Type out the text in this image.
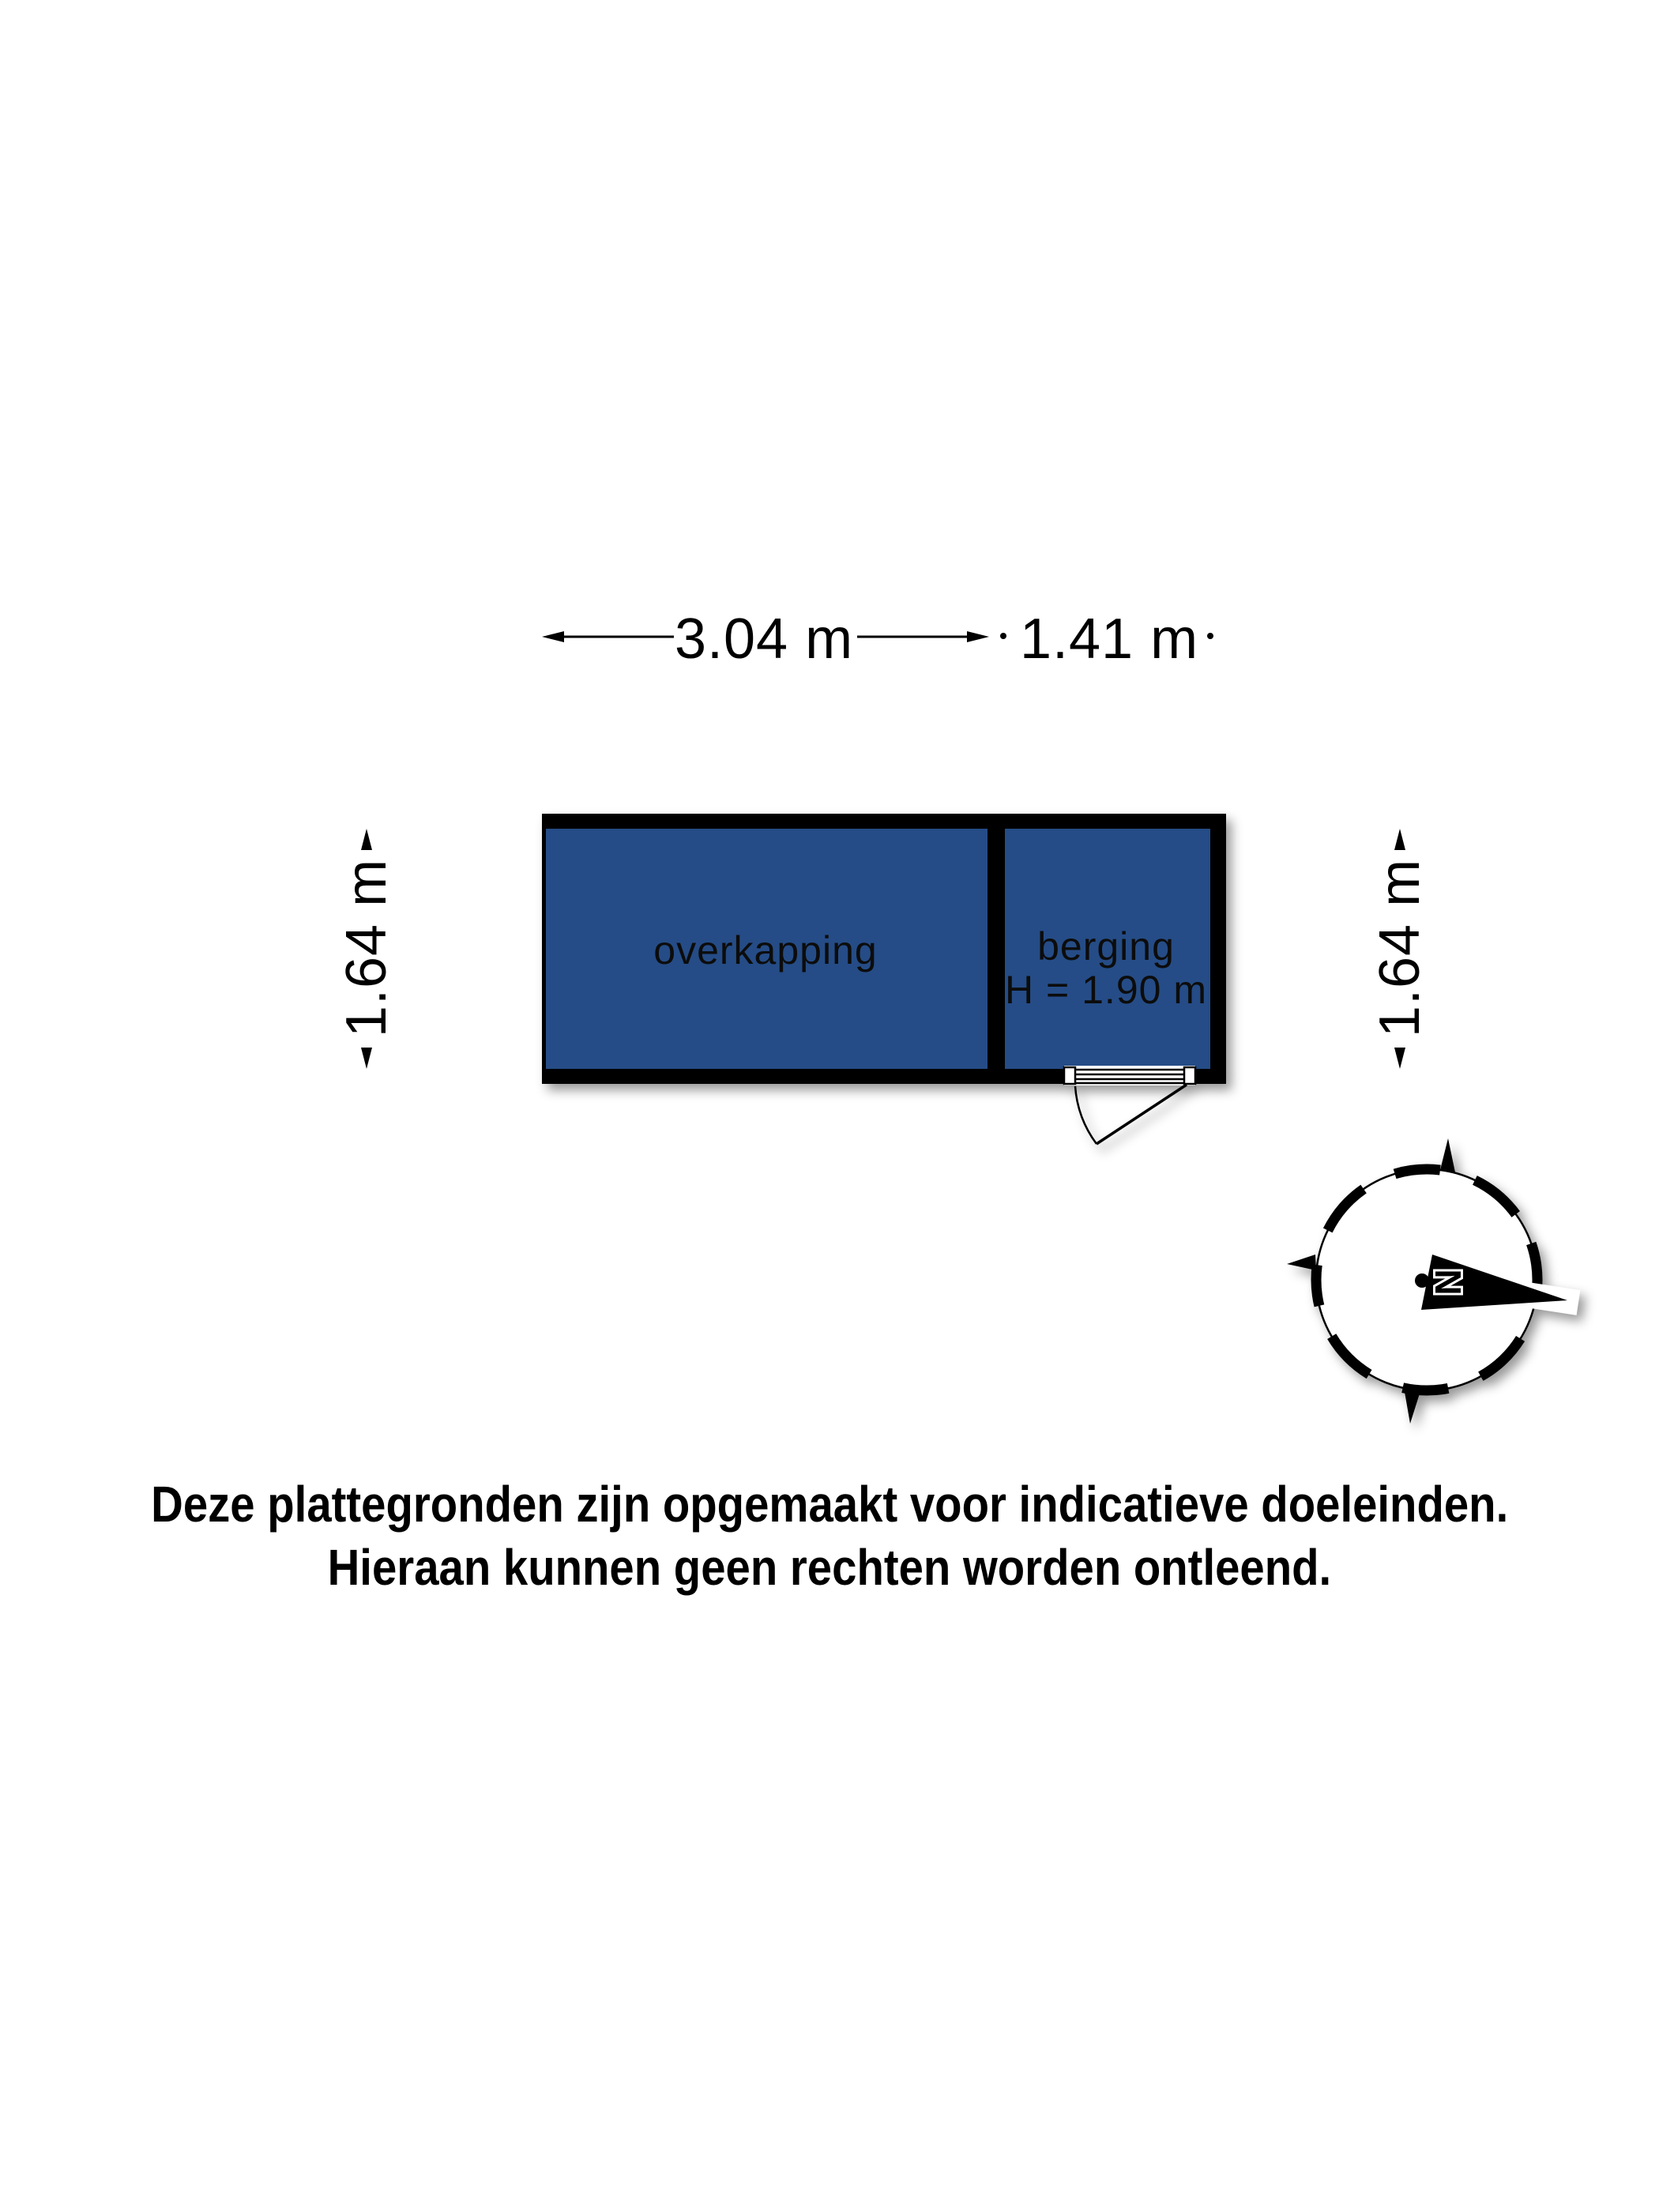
N
3.04 m	1.41 m
1.64 m	1.64 m
overkapping	berging
H = 1.90 m
Deze plattegronden zijn opgemaakt voor indicatieve doeleinden.
Hieraan kunnen geen rechten worden ontleend.
